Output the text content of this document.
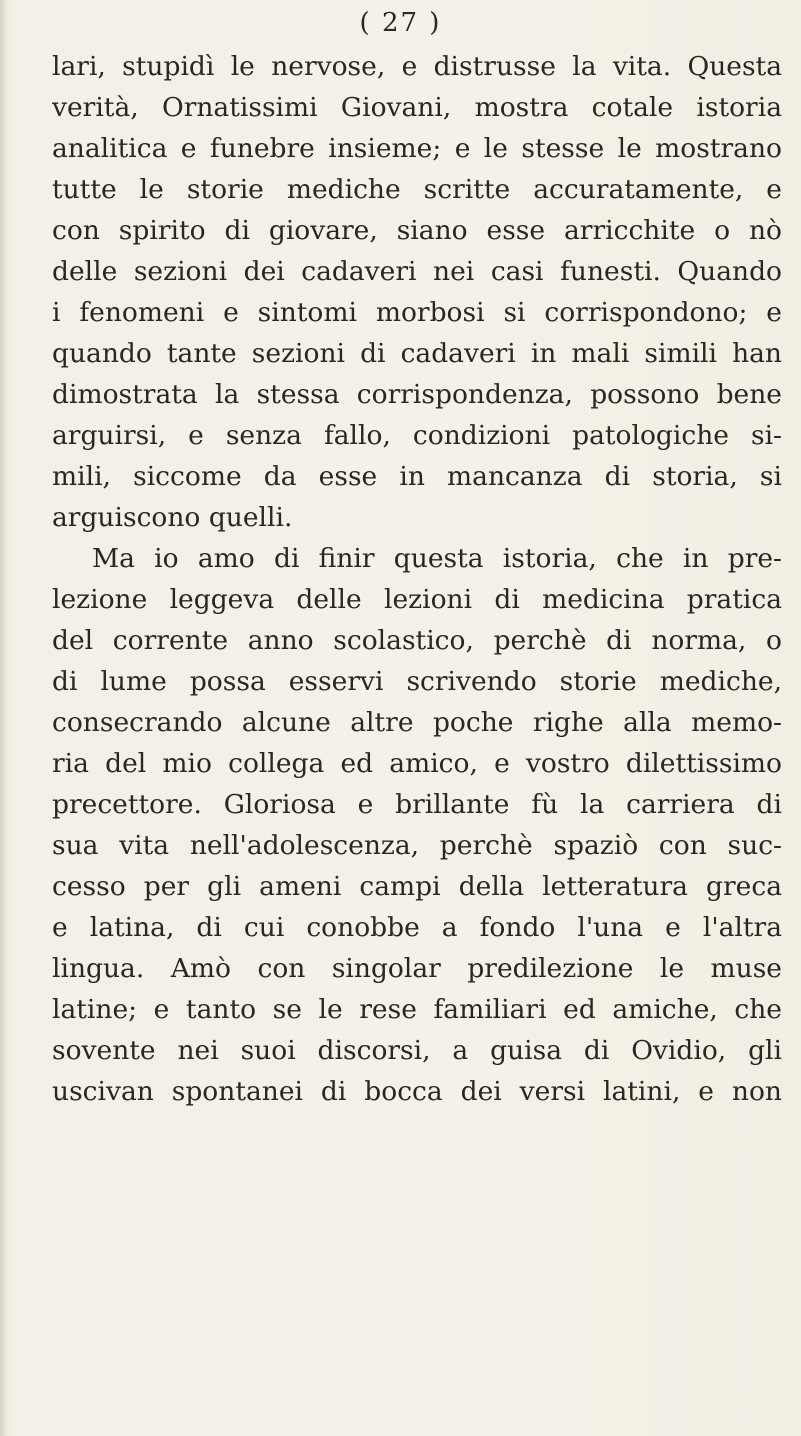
( 27 )
lari, stupidì le nervose, e distrusse la vita. Questa
verità, Ornatissimi Giovani, mostra cotale istoria
analitica e funebre insieme; e le stesse le mostrano
tutte le storie mediche scritte accuratamente, e
con spirito di giovare, siano esse arricchite o nò
delle sezioni dei cadaveri nei casi funesti. Quando
i fenomeni e sintomi morbosi si corrispondono; e
quando tante sezioni di cadaveri in mali simili han
dimostrata la stessa corrispondenza, possono bene
arguirsi, e senza fallo, condizioni patologiche si-
mili, siccome da esse in mancanza di storia, si
arguiscono quelli.
Ma io amo di finir questa istoria, che in pre-
lezione leggeva delle lezioni di medicina pratica
del corrente anno scolastico, perchè di norma, o
di lume possa esservi scrivendo storie mediche,
consecrando alcune altre poche righe alla memo-
ria del mio collega ed amico, e vostro dilettissimo
precettore. Gloriosa e brillante fù la carriera di
sua vita nell'adolescenza, perchè spaziò con suc-
cesso per gli ameni campi della letteratura greca
e latina, di cui conobbe a fondo l'una e l'altra
lingua. Amò con singolar predilezione le muse
latine; e tanto se le rese familiari ed amiche, che
sovente nei suoi discorsi, a guisa di Ovidio, gli
uscivan spontanei di bocca dei versi latini, e non
